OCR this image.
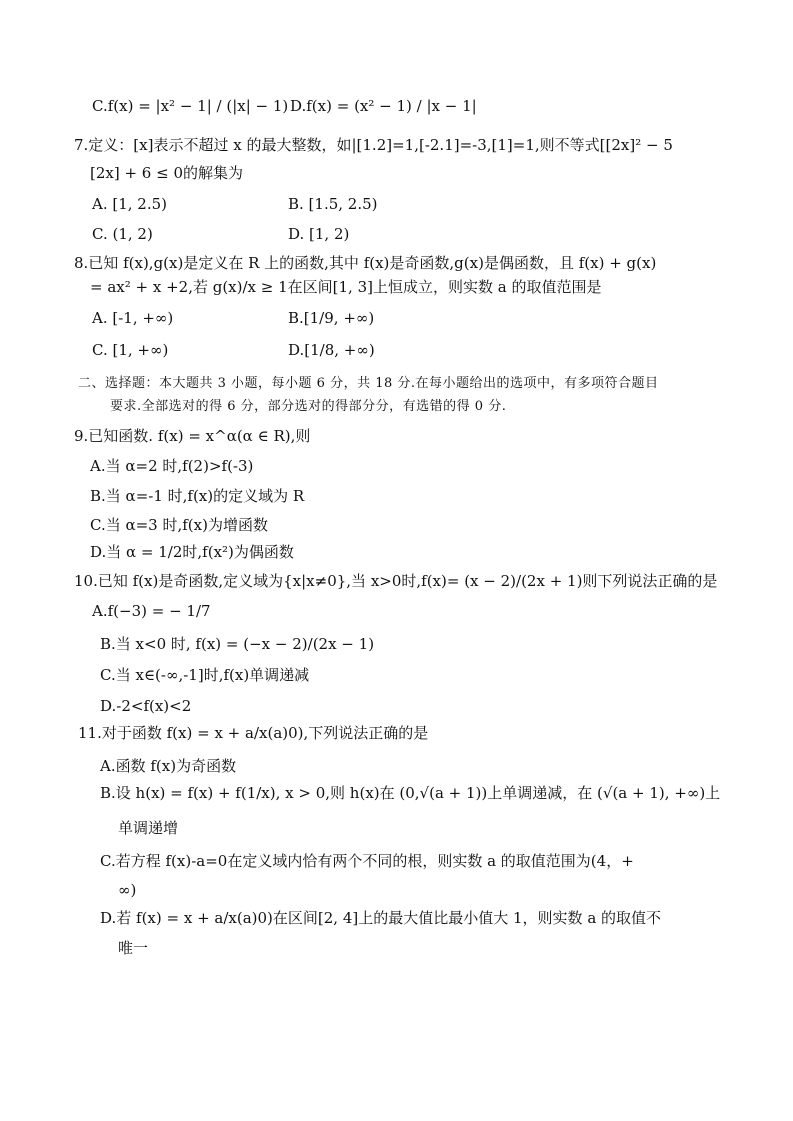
C.f(x) = |x² − 1| / (|x| − 1) D.f(x) = (x² − 1) / |x − 1|
7.定义：[x]表示不超过 x 的最大整数，如|[1.2]=1,[-2.1]=-3,[1]=1,则不等式[[2x]² − 5
[2x] + 6 ≤ 0的解集为
A. [1, 2.5)	B. [1.5, 2.5)
C. (1, 2)	D. [1, 2)
8.已知 f(x),g(x)是定义在 R 上的函数,其中 f(x)是奇函数,g(x)是偶函数，且 f(x) + g(x)
= ax² + x +2,若 g(x)/x ≥ 1在区间[1, 3]上恒成立，则实数 a 的取值范围是
A. [-1, +∞)	B.[1/9, +∞)
C. [1, +∞)	D.[1/8, +∞)
二、选择题：本大题共 3 小题，每小题 6 分，共 18 分.在每小题给出的选项中，有多项符合题目
要求.全部选对的得 6 分，部分选对的得部分分，有选错的得 0 分.
9.已知函数. f(x) = x^α(α ∈ R),则
A.当 α=2 时,f(2)>f(-3)
B.当 α=-1 时,f(x)的定义域为 R
C.当 α=3 时,f(x)为增函数
D.当 α = 1/2时,f(x²)为偶函数
10.已知 f(x)是奇函数,定义域为{x|x≠0},当 x>0时,f(x)= (x − 2)/(2x + 1)则下列说法正确的是
A.f(−3) = − 1/7
B.当 x<0 时, f(x) = (−x − 2)/(2x − 1)
C.当 x∈(-∞,-1]时,f(x)单调递减
D.-2<f(x)<2
11.对于函数 f(x) = x + a/x(a)0),下列说法正确的是
A.函数 f(x)为奇函数
B.设 h(x) = f(x) + f(1/x), x > 0,则 h(x)在 (0,√(a + 1))上单调递减，在 (√(a + 1), +∞)上
单调递增
C.若方程 f(x)-a=0在定义域内恰有两个不同的根，则实数 a 的取值范围为(4，+
∞)
D.若 f(x) = x + a/x(a)0)在区间[2, 4]上的最大值比最小值大 1，则实数 a 的取值不
唯一
